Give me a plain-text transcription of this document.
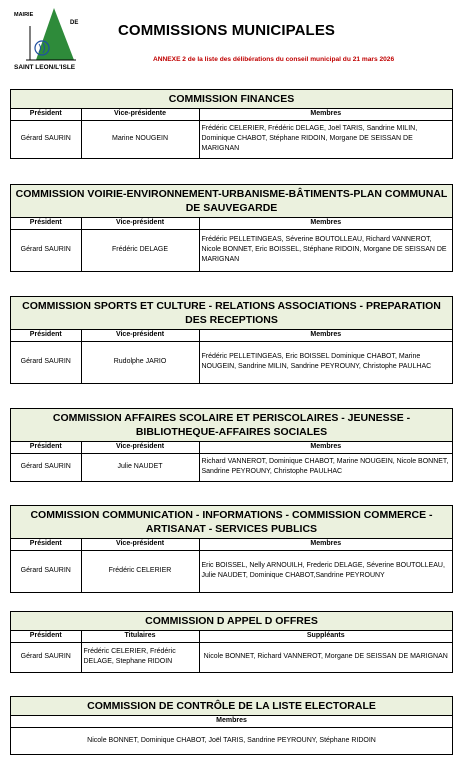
MAIRIE
DE
SAINT LEON/L'ISLE
COMMISSIONS MUNICIPALES
ANNEXE 2 de la liste des délibérations du conseil municipal du 21 mars 2026
COMMISSION FINANCES
Président	Vice-présidente	Membres
Gérard SAURIN	Marine NOUGEIN	Frédéric CELERIER, Frédéric DELAGE, Joël TARIS, Sandrine MILIN, Dominique CHABOT, Stéphane RIDOIN, Morgane DE SEISSAN DE MARIGNAN
COMMISSION VOIRIE-ENVIRONNEMENT-URBANISME-BÂTIMENTS-PLAN COMMUNAL DE SAUVEGARDE
Président	Vice-président	Membres
Gérard SAURIN	Frédéric DELAGE	Frédéric PELLETINGEAS, Séverine BOUTOLLEAU, Richard VANNEROT, Nicole BONNET, Eric BOISSEL, Stéphane RIDOIN, Morgane DE SEISSAN DE MARIGNAN
COMMISSION SPORTS ET CULTURE - RELATIONS ASSOCIATIONS - PREPARATION DES RECEPTIONS
Président	Vice-président	Membres
Gérard SAURIN	Rudolphe JARIO	Frédéric PELLETINGEAS, Eric BOISSEL Dominique CHABOT, Marine NOUGEIN, Sandrine MILIN, Sandrine PEYROUNY, Christophe PAULHAC
COMMISSION AFFAIRES SCOLAIRE ET PERISCOLAIRES - JEUNESSE - BIBLIOTHEQUE-AFFAIRES SOCIALES
Président	Vice-président	Membres
Gérard SAURIN	Julie NAUDET	Richard VANNEROT, Dominique CHABOT, Marine NOUGEIN, Nicole BONNET, Sandrine PEYROUNY, Christophe PAULHAC
COMMISSION COMMUNICATION - INFORMATIONS - COMMISSION COMMERCE - ARTISANAT - SERVICES PUBLICS
Président	Vice-président	Membres
Gérard SAURIN	Frédéric CELERIER	Eric BOISSEL, Nelly ARNOUILH, Frederic DELAGE, Séverine BOUTOLLEAU, Julie NAUDET, Dominique CHABOT,Sandrine PEYROUNY
COMMISSION D APPEL D OFFRES
Président	Titulaires	Suppléants
Gérard SAURIN	Frédéric CELERIER, Frédéric DELAGE, Stephane RIDOIN	Nicole BONNET, Richard VANNEROT, Morgane DE SEISSAN DE MARIGNAN
COMMISSION DE CONTRÔLE DE LA LISTE ELECTORALE
Membres
Nicole BONNET, Dominique CHABOT, Joël TARIS, Sandrine PEYROUNY, Stéphane RIDOIN
